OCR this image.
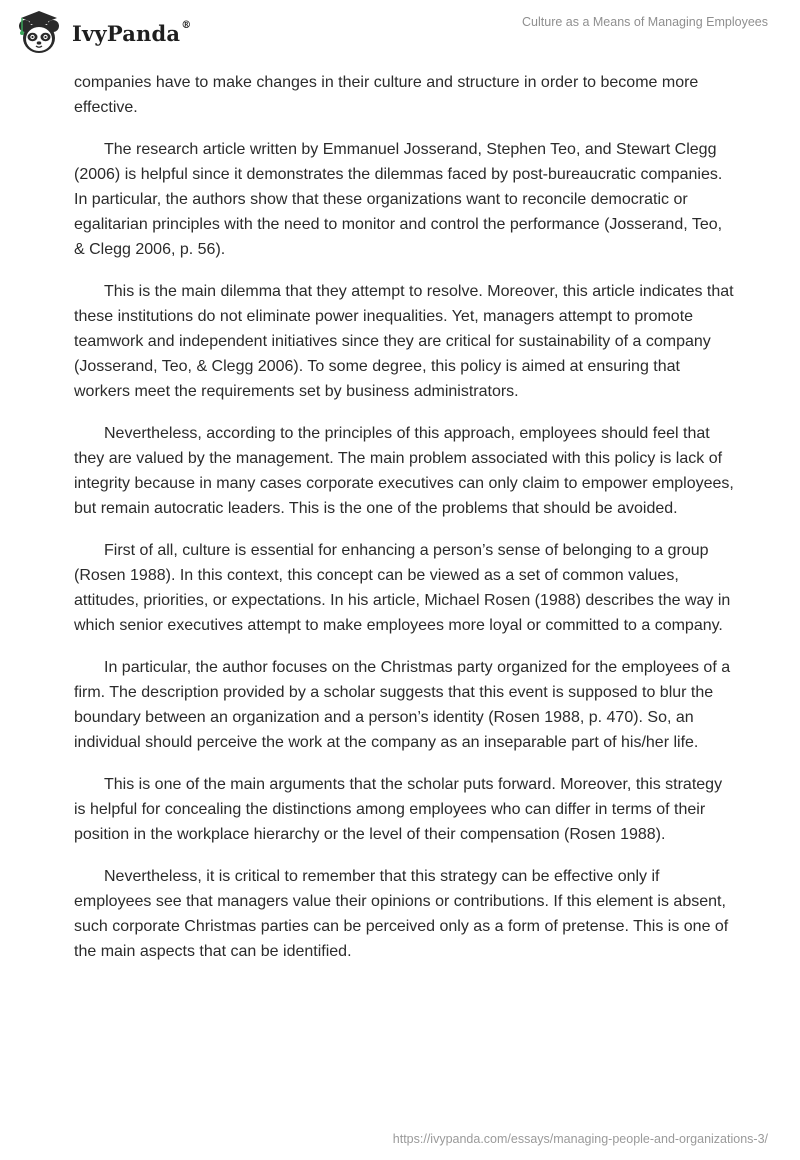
IvyPanda®	Culture as a Means of Managing Employees

companies have to make changes in their culture and structure in order to become more effective.

The research article written by Emmanuel Josserand, Stephen Teo, and Stewart Clegg (2006) is helpful since it demonstrates the dilemmas faced by post-bureaucratic companies. In particular, the authors show that these organizations want to reconcile democratic or egalitarian principles with the need to monitor and control the performance (Josserand, Teo, & Clegg 2006, p. 56).

This is the main dilemma that they attempt to resolve. Moreover, this article indicates that these institutions do not eliminate power inequalities. Yet, managers attempt to promote teamwork and independent initiatives since they are critical for sustainability of a company (Josserand, Teo, & Clegg 2006). To some degree, this policy is aimed at ensuring that workers meet the requirements set by business administrators.

Nevertheless, according to the principles of this approach, employees should feel that they are valued by the management. The main problem associated with this policy is lack of integrity because in many cases corporate executives can only claim to empower employees, but remain autocratic leaders. This is the one of the problems that should be avoided.

First of all, culture is essential for enhancing a person’s sense of belonging to a group (Rosen 1988). In this context, this concept can be viewed as a set of common values, attitudes, priorities, or expectations. In his article, Michael Rosen (1988) describes the way in which senior executives attempt to make employees more loyal or committed to a company.

In particular, the author focuses on the Christmas party organized for the employees of a firm. The description provided by a scholar suggests that this event is supposed to blur the boundary between an organization and a person’s identity (Rosen 1988, p. 470). So, an individual should perceive the work at the company as an inseparable part of his/her life.

This is one of the main arguments that the scholar puts forward. Moreover, this strategy is helpful for concealing the distinctions among employees who can differ in terms of their position in the workplace hierarchy or the level of their compensation (Rosen 1988).

Nevertheless, it is critical to remember that this strategy can be effective only if employees see that managers value their opinions or contributions. If this element is absent, such corporate Christmas parties can be perceived only as a form of pretense. This is one of the main aspects that can be identified.

https://ivypanda.com/essays/managing-people-and-organizations-3/
